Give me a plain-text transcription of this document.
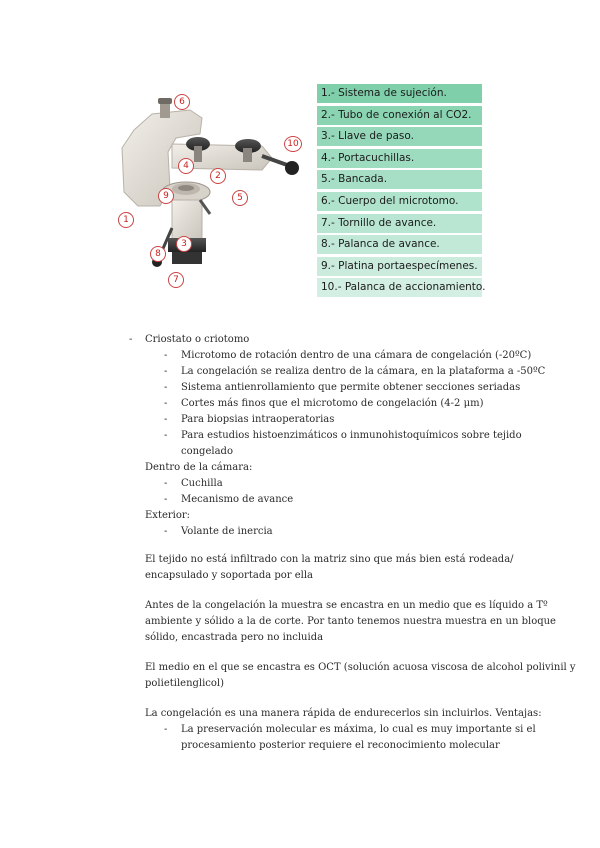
6
10
4
2
9	5
1
3
7
8
1.- Sistema de sujeción.
2.- Tubo de conexión al CO2.
3.- Llave de paso.
4.- Portacuchillas.
5.- Bancada.
6.- Cuerpo del microtomo.
7.- Tornillo de avance.
8.- Palanca de avance.
9.- Platina portaespecímenes.
10.- Palanca de accionamiento.
- Criostato o criotomo
- Microtomo de rotación dentro de una cámara de congelación (-20ºC)
- La congelación se realiza dentro de la cámara, en la plataforma a -50ºC
- Sistema antienrollamiento que permite obtener secciones seriadas
- Cortes más finos que el microtomo de congelación (4-2 μm)
- Para biopsias intraoperatorias
- Para estudios histoenzimáticos o inmunohistoquímicos sobre tejido
congelado
Dentro de la cámara:
- Cuchilla
- Mecanismo de avance
Exterior:
- Volante de inercia
El tejido no está infiltrado con la matriz sino que más bien está rodeada/
encapsulado y soportada por ella
Antes de la congelación la muestra se encastra en un medio que es líquido a Tº
ambiente y sólido a la de corte. Por tanto tenemos nuestra muestra en un bloque
sólido, encastrada pero no incluida
El medio en el que se encastra es OCT (solución acuosa viscosa de alcohol polivinil y
polietilenglicol)
La congelación es una manera rápida de endurecerlos sin incluirlos. Ventajas:
- La preservación molecular es máxima, lo cual es muy importante si el
procesamiento posterior requiere el reconocimiento molecular
